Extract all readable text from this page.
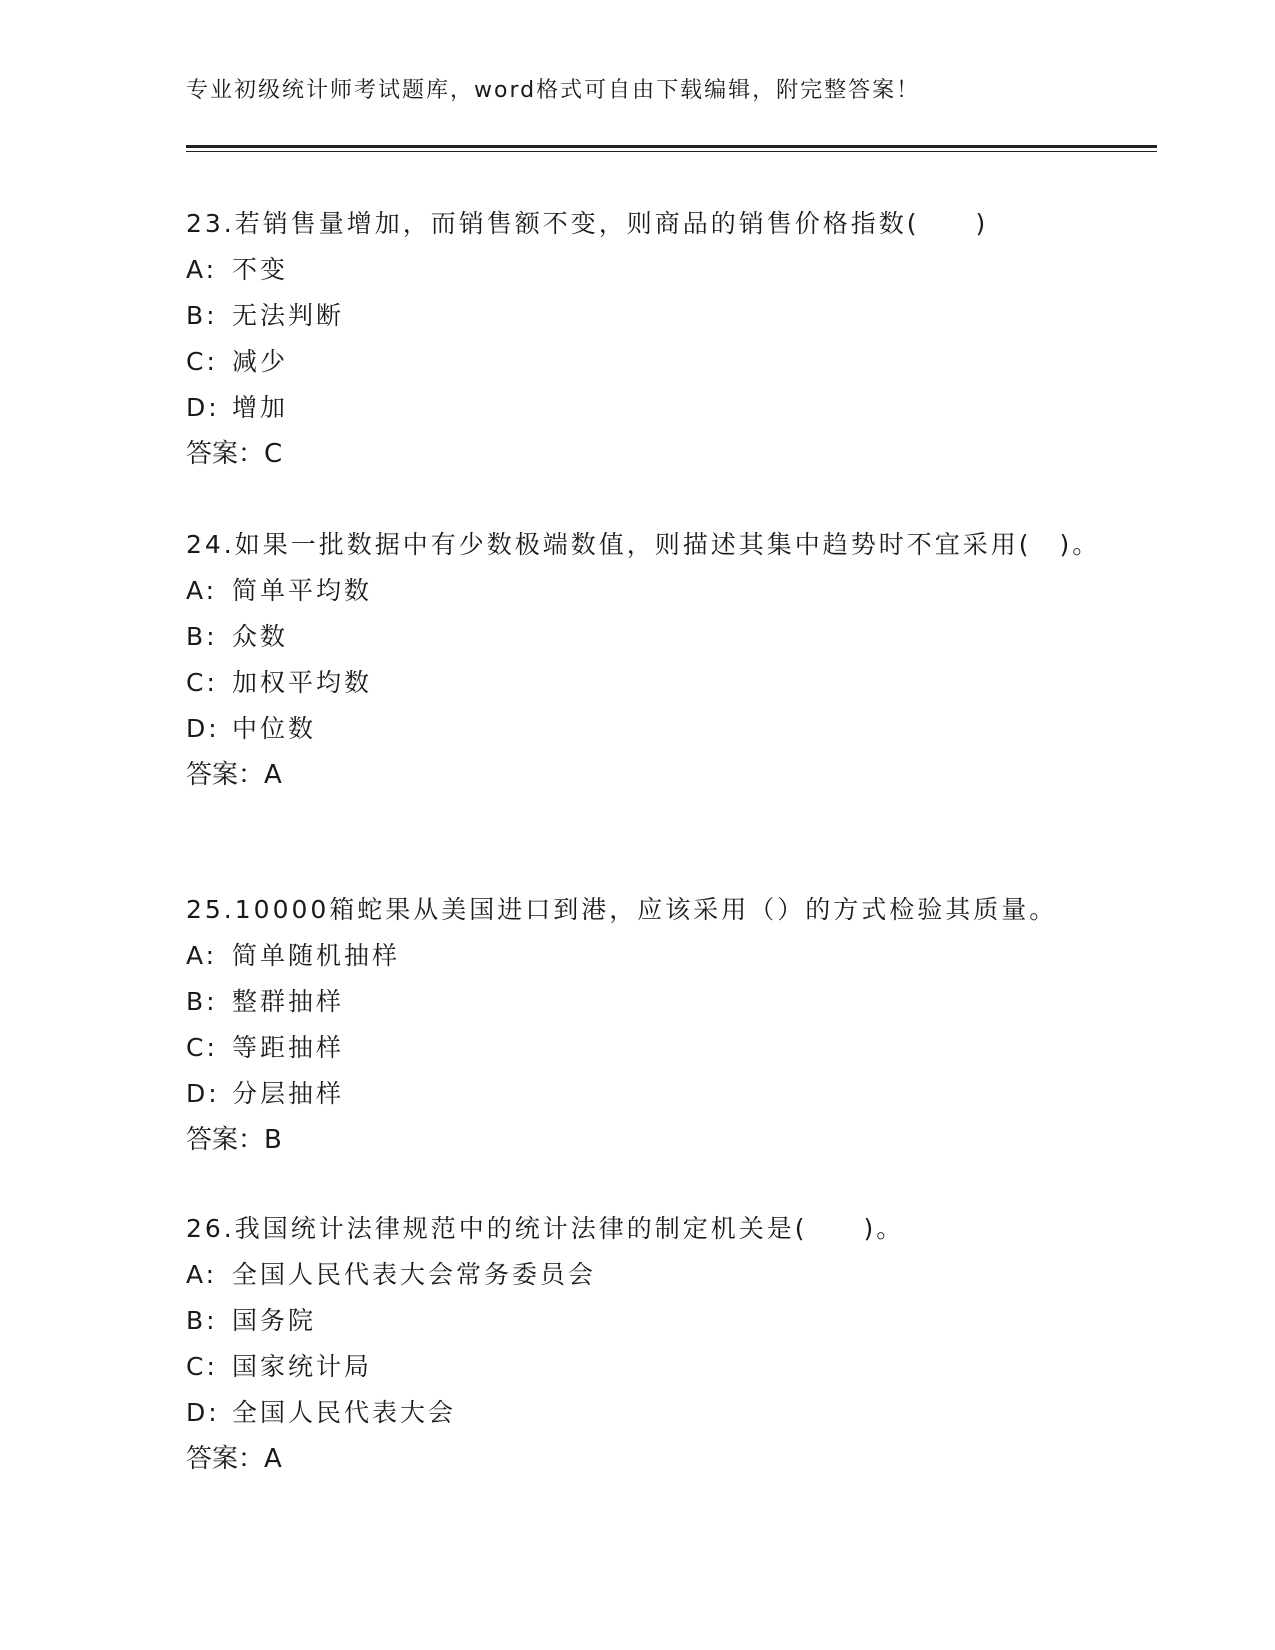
专业初级统计师考试题库，word格式可自由下载编辑，附完整答案！

23.若销售量增加，而销售额不变，则商品的销售价格指数(　　)

A: 不变
B: 无法判断
C: 减少
D: 增加
答案：C

24.如果一批数据中有少数极端数值，则描述其集中趋势时不宜采用(　)。

A: 简单平均数
B: 众数
C: 加权平均数
D: 中位数
答案：A

25.10000箱蛇果从美国进口到港，应该采用（）的方式检验其质量。

A: 简单随机抽样
B: 整群抽样
C: 等距抽样
D: 分层抽样
答案：B

26.我国统计法律规范中的统计法律的制定机关是(　　)。

A: 全国人民代表大会常务委员会
B: 国务院
C: 国家统计局
D: 全国人民代表大会
答案：A
